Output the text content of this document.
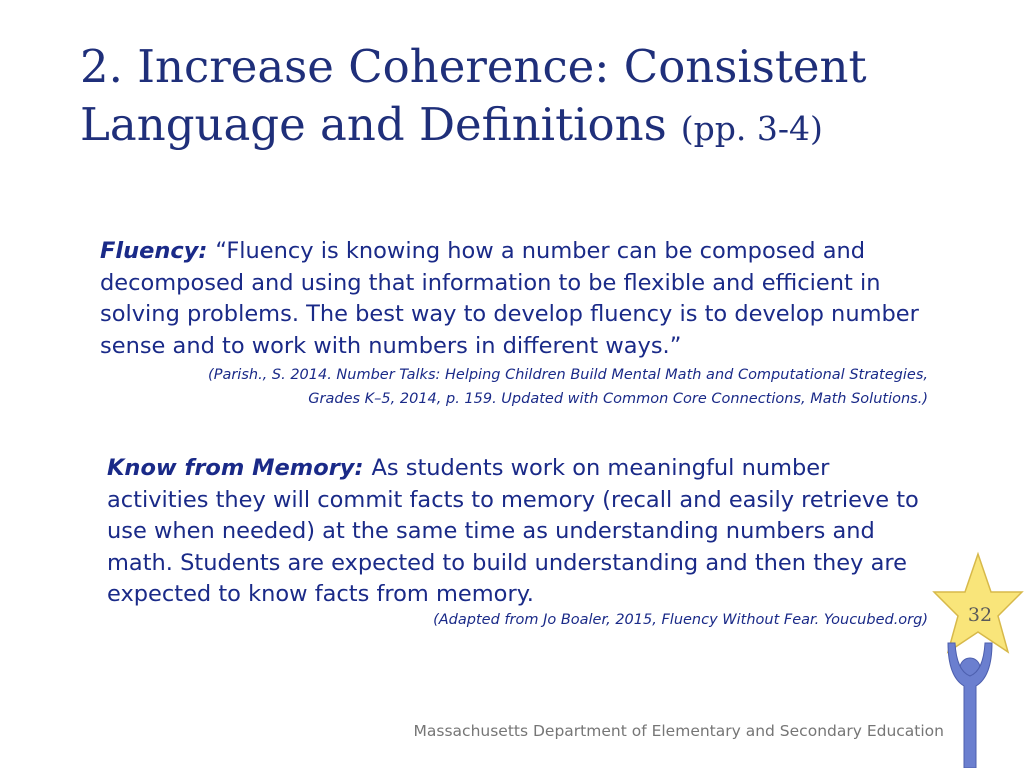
2. Increase Coherence: Consistent
Language and Definitions (pp. 3-4)
Fluency: “Fluency is knowing how a number can be composed and decomposed and using that information to be flexible and efficient in solving problems. The best way to develop fluency is to develop number sense and to work with numbers in different ways.”
(Parish., S. 2014. Number Talks: Helping Children Build Mental Math and Computational Strategies,
Grades K–5, 2014, p. 159. Updated with Common Core Connections, Math Solutions.)
Know from Memory: As students work on meaningful number activities they will commit facts to memory (recall and easily retrieve to use when needed) at the same time as understanding numbers and math. Students are expected to build understanding and then they are expected to know facts from memory.
(Adapted from Jo Boaler, 2015, Fluency Without Fear. Youcubed.org)
Massachusetts Department of Elementary and Secondary Education
32
